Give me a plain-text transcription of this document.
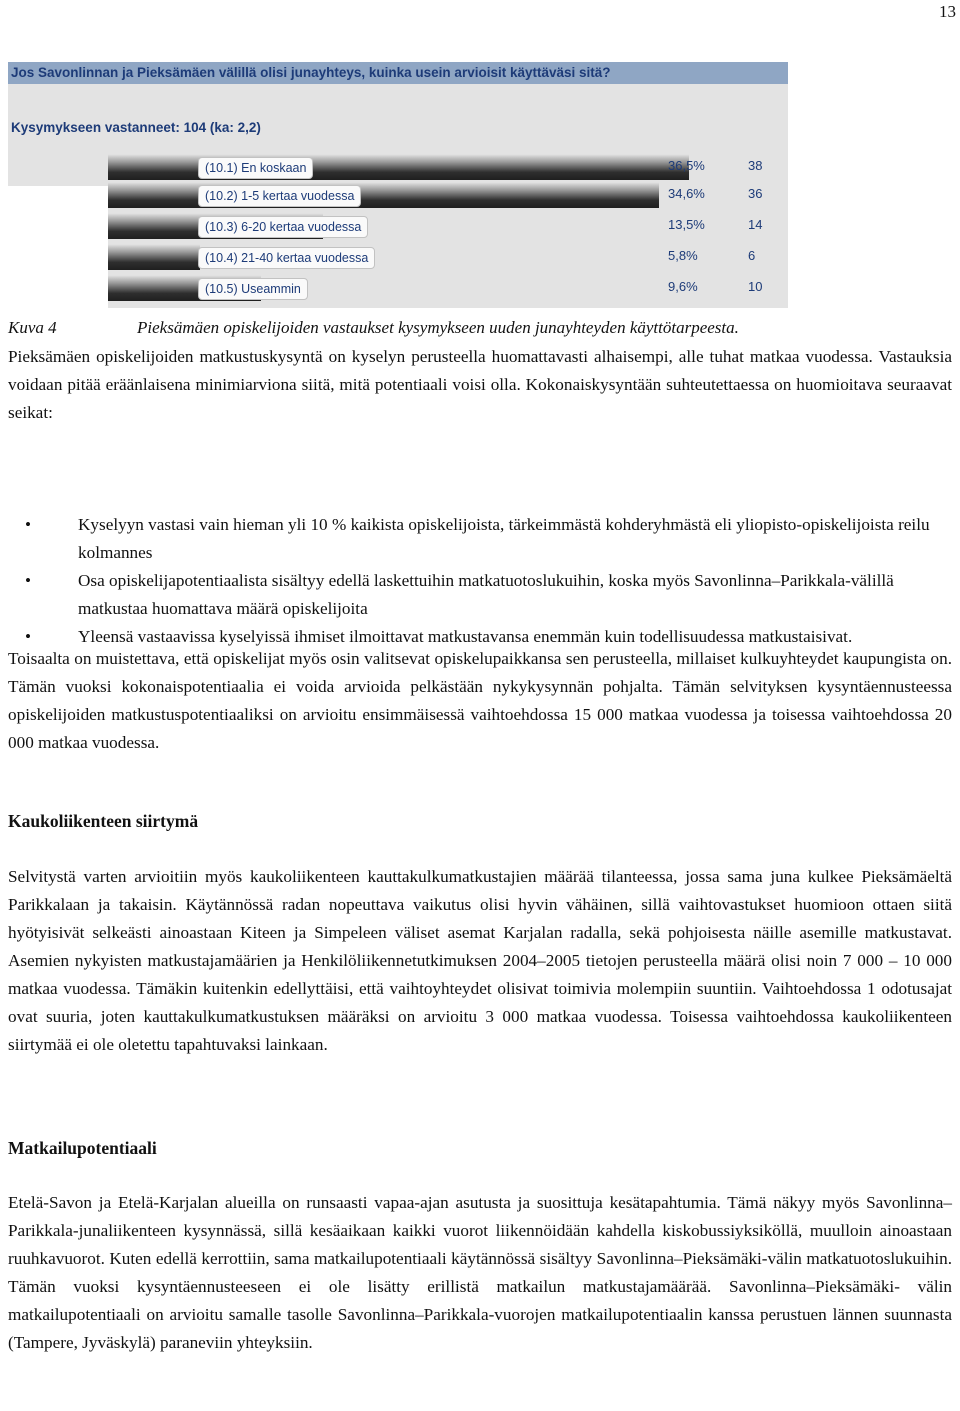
13
Jos Savonlinnan ja Pieksämäen välillä olisi junayhteys, kuinka usein arvioisit käyttäväsi sitä?
Kysymykseen vastanneet: 104 (ka: 2,2)
(10.1) En koskaan	36,5%	38
(10.2) 1-5 kertaa vuodessa	34,6%	36
(10.3) 6-20 kertaa vuodessa	13,5%	14
(10.4) 21-40 kertaa vuodessa	5,8%	6
(10.5) Useammin	9,6%	10
Kuva 4	Pieksämäen opiskelijoiden vastaukset kysymykseen uuden junayhteyden käyttötarpeesta.

Pieksämäen opiskelijoiden matkustuskysyntä on kyselyn perusteella huomattavasti alhaisempi, alle tuhat matkaa vuodessa. Vastauksia voidaan pitää eräänlaisena minimiarviona siitä, mitä potentiaali voisi olla. Kokonaiskysyntään suhteutettaessa on huomioitava seuraavat seikat:

•	Kyselyyn vastasi vain hieman yli 10 % kaikista opiskelijoista, tärkeimmästä kohderyhmästä eli yliopisto-opiskelijoista reilu kolmannes
•	Osa opiskelijapotentiaalista sisältyy edellä laskettuihin matkatuotoslukuihin, koska myös Savonlinna–Parikkala-välillä matkustaa huomattava määrä opiskelijoita
•	Yleensä vastaavissa kyselyissä ihmiset ilmoittavat matkustavansa enemmän kuin todellisuudessa matkustaisivat.

Toisaalta on muistettava, että opiskelijat myös osin valitsevat opiskelupaikkansa sen perusteella, millaiset kulkuyhteydet kaupungista on. Tämän vuoksi kokonaispotentiaalia ei voida arvioida pelkästään nykykysynnän pohjalta. Tämän selvityksen kysyntäennusteessa opiskelijoiden matkustuspotentiaaliksi on arvioitu ensimmäisessä vaihtoehdossa 15 000 matkaa vuodessa ja toisessa vaihtoehdossa 20 000 matkaa vuodessa.

Kaukoliikenteen siirtymä

Selvitystä varten arvioitiin myös kaukoliikenteen kauttakulkumatkustajien määrää tilanteessa, jossa sama juna kulkee Pieksämäeltä Parikkalaan ja takaisin. Käytännössä radan nopeuttava vaikutus olisi hyvin vähäinen, sillä vaihtovastukset huomioon ottaen siitä hyötyisivät selkeästi ainoastaan Kiteen ja Simpeleen väliset asemat Karjalan radalla, sekä pohjoisesta näille asemille matkustavat. Asemien nykyisten matkustajamäärien ja Henkilöliikennetutkimuksen 2004–2005 tietojen perusteella määrä olisi noin 7 000 – 10 000 matkaa vuodessa. Tämäkin kuitenkin edellyttäisi, että vaihtoyhteydet olisivat toimivia molempiin suuntiin. Vaihtoehdossa 1 odotusajat ovat suuria, joten kauttakulkumatkustuksen määräksi on arvioitu 3 000 matkaa vuodessa. Toisessa vaihtoehdossa kaukoliikenteen siirtymää ei ole oletettu tapahtuvaksi lainkaan.

Matkailupotentiaali

Etelä-Savon ja Etelä-Karjalan alueilla on runsaasti vapaa-ajan asutusta ja suosittuja kesätapahtumia. Tämä näkyy myös Savonlinna–Parikkala-junaliikenteen kysynnässä, sillä kesäaikaan kaikki vuorot liikennöidään kahdella kiskobussiyksiköllä, muulloin ainoastaan ruuhkavuorot. Kuten edellä kerrottiin, sama matkailupotentiaali käytännössä sisältyy Savonlinna–Pieksämäki-välin matkatuotoslukuihin. Tämän vuoksi kysyntäennusteeseen ei ole lisätty erillistä matkailun matkustajamäärää. Savonlinna–Pieksämäki- välin matkailupotentiaali on arvioitu samalle tasolle Savonlinna–Parikkala-vuorojen matkailupotentiaalin kanssa perustuen lännen suunnasta (Tampere, Jyväskylä) paraneviin yhteyksiin.
